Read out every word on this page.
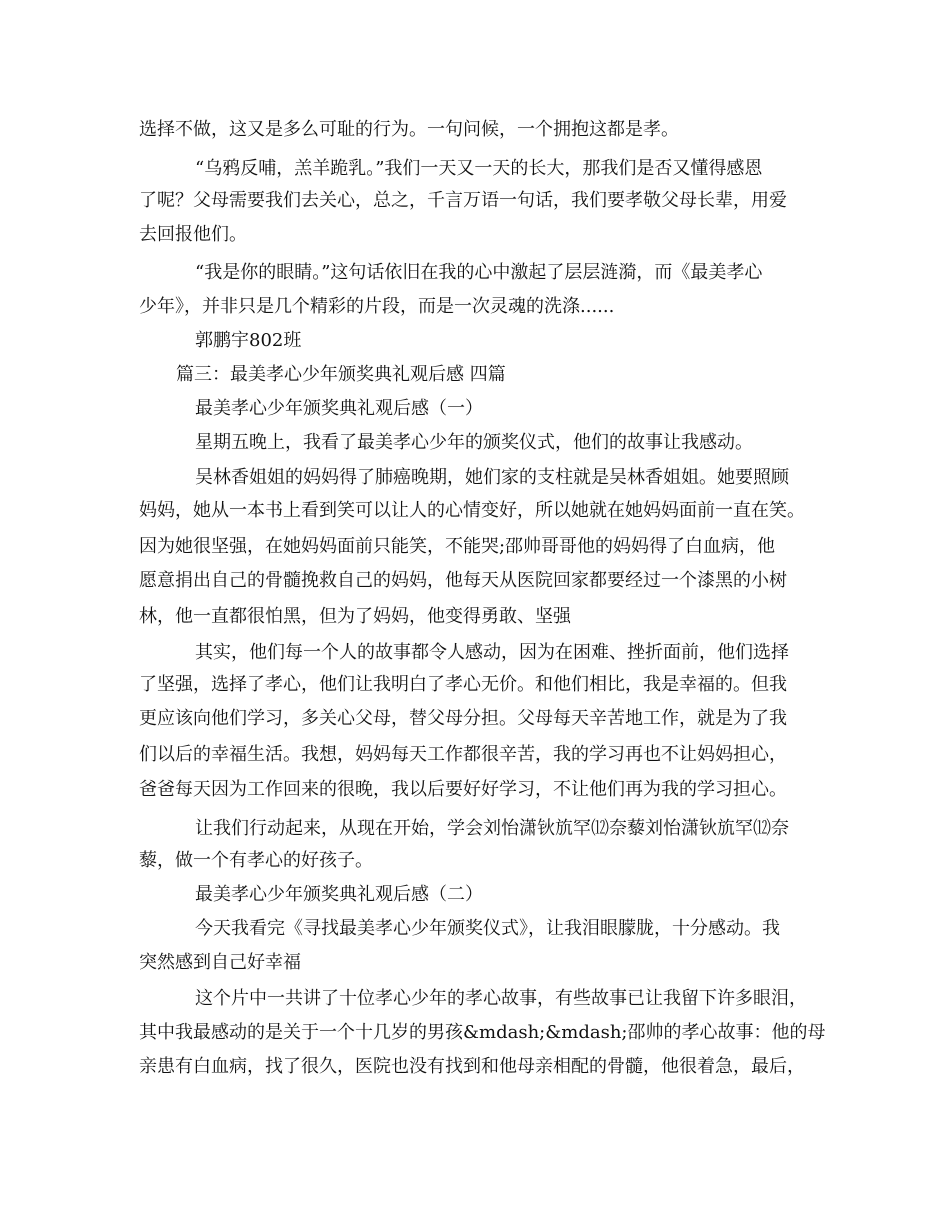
选择不做，这又是多么可耻的行为。一句问候，一个拥抱这都是孝。
“乌鸦反哺，羔羊跪乳。”我们一天又一天的长大，那我们是否又懂得感恩
了呢？父母需要我们去关心，总之，千言万语一句话，我们要孝敬父母长辈，用爱
去回报他们。
“我是你的眼睛。”这句话依旧在我的心中激起了层层涟漪，而《最美孝心
少年》，并非只是几个精彩的片段，而是一次灵魂的洗涤......
郭鹏宇802班
篇三：最美孝心少年颁奖典礼观后感 四篇
最美孝心少年颁奖典礼观后感（一）
星期五晚上，我看了最美孝心少年的颁奖仪式，他们的故事让我感动。
吴林香姐姐的妈妈得了肺癌晚期，她们家的支柱就是吴林香姐姐。她要照顾
妈妈，她从一本书上看到笑可以让人的心情变好，所以她就在她妈妈面前一直在笑。
因为她很坚强，在她妈妈面前只能笑，不能哭;邵帅哥哥他的妈妈得了白血病，他
愿意捐出自己的骨髓挽救自己的妈妈，他每天从医院回家都要经过一个漆黑的小树
林，他一直都很怕黑，但为了妈妈，他变得勇敢、坚强
其实，他们每一个人的故事都令人感动，因为在困难、挫折面前，他们选择
了坚强，选择了孝心，他们让我明白了孝心无价。和他们相比，我是幸福的。但我
更应该向他们学习，多关心父母，替父母分担。父母每天辛苦地工作，就是为了我
们以后的幸福生活。我想，妈妈每天工作都很辛苦，我的学习再也不让妈妈担心，
爸爸每天因为工作回来的很晚，我以后要好好学习，不让他们再为我的学习担心。
让我们行动起来，从现在开始，学会刘怡潇钬斻罕⑿奈藜刘怡潇钬斻罕⑿奈
藜，做一个有孝心的好孩子。
最美孝心少年颁奖典礼观后感（二）
今天我看完《寻找最美孝心少年颁奖仪式》，让我泪眼朦胧，十分感动。我
突然感到自己好幸福
这个片中一共讲了十位孝心少年的孝心故事，有些故事已让我留下许多眼泪，
其中我最感动的是关于一个十几岁的男孩&mdash;&mdash;邵帅的孝心故事：他的母
亲患有白血病，找了很久，医院也没有找到和他母亲相配的骨髓，他很着急，最后，
